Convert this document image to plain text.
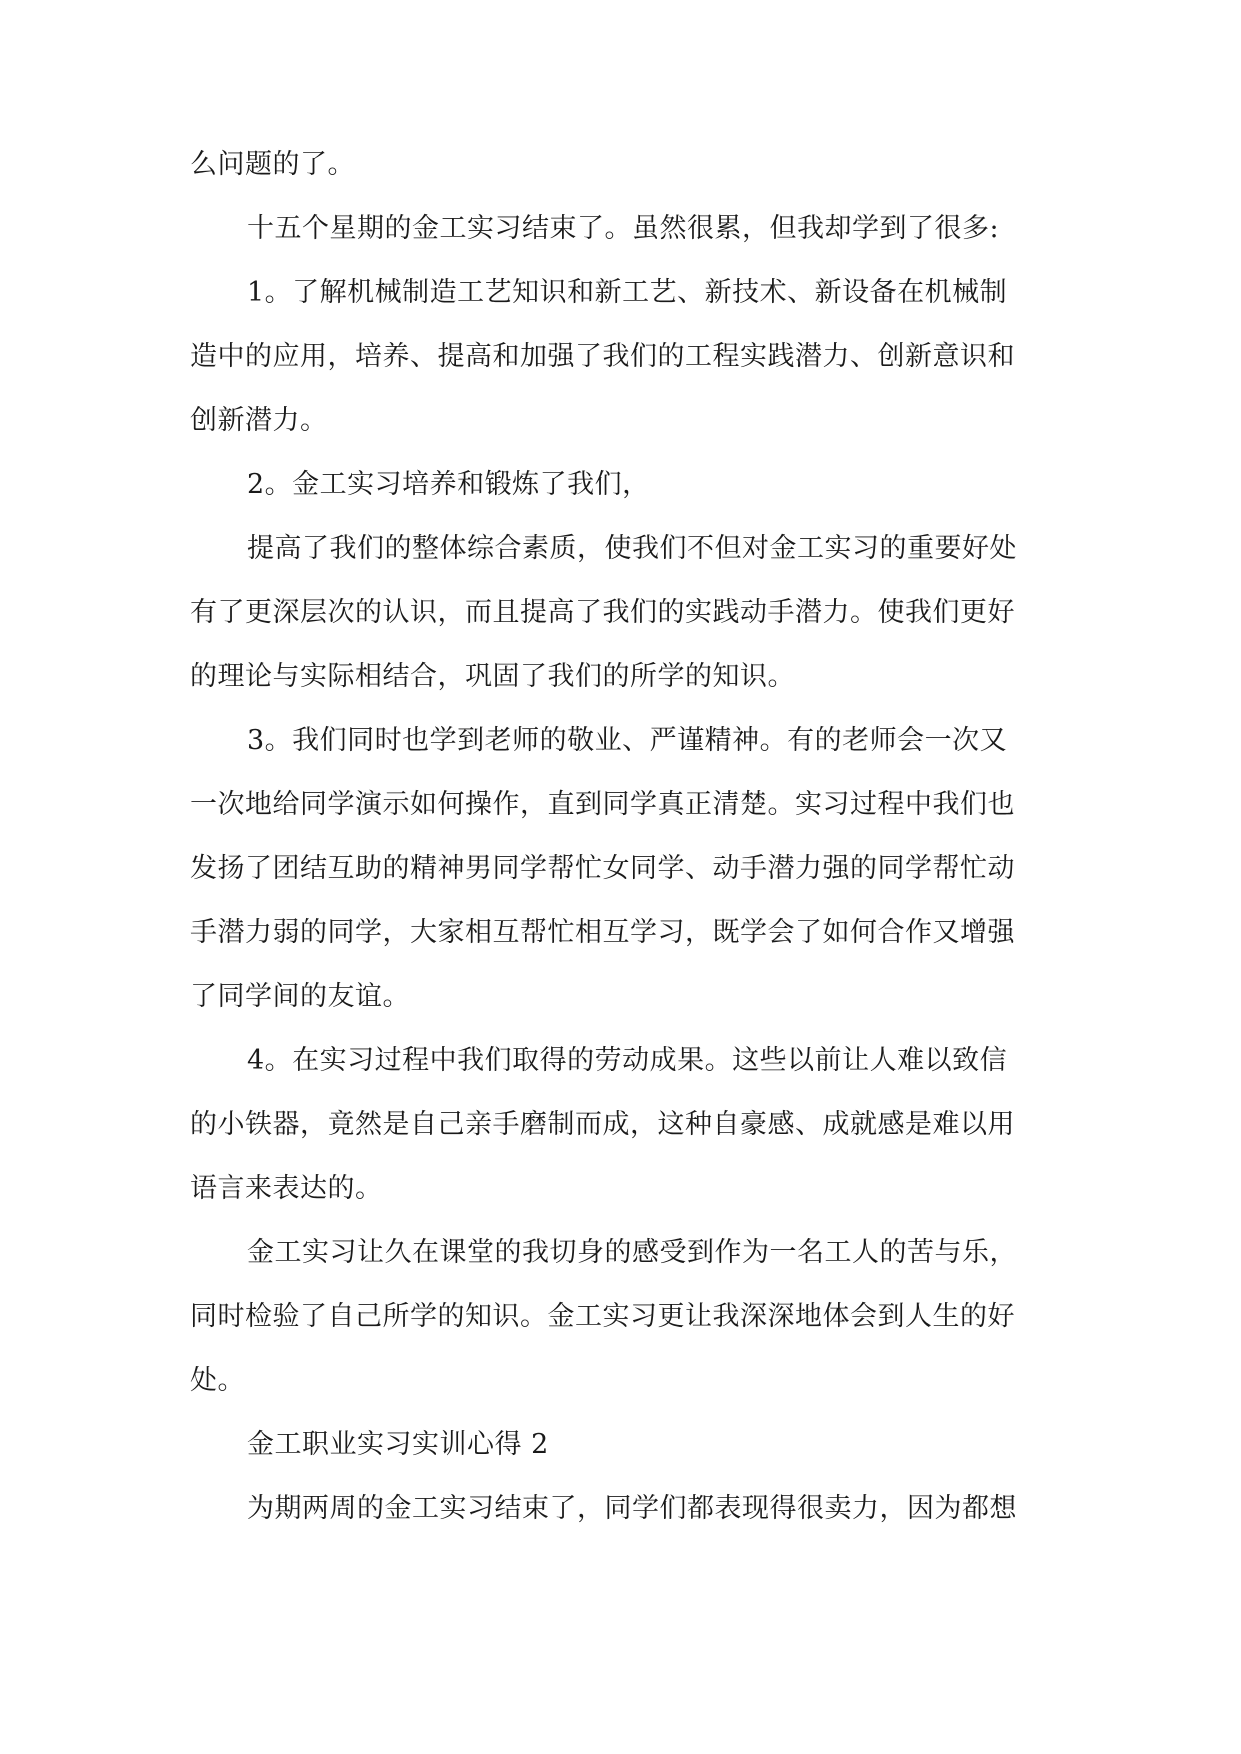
么问题的了。
十五个星期的金工实习结束了。虽然很累，但我却学到了很多:
1。了解机械制造工艺知识和新工艺、新技术、新设备在机械制
造中的应用，培养、提高和加强了我们的工程实践潜力、创新意识和
创新潜力。
2。金工实习培养和锻炼了我们，
提高了我们的整体综合素质，使我们不但对金工实习的重要好处
有了更深层次的认识，而且提高了我们的实践动手潜力。使我们更好
的理论与实际相结合，巩固了我们的所学的知识。
3。我们同时也学到老师的敬业、严谨精神。有的老师会一次又
一次地给同学演示如何操作，直到同学真正清楚。实习过程中我们也
发扬了团结互助的精神男同学帮忙女同学、动手潜力强的同学帮忙动
手潜力弱的同学，大家相互帮忙相互学习，既学会了如何合作又增强
了同学间的友谊。
4。在实习过程中我们取得的劳动成果。这些以前让人难以致信
的小铁器，竟然是自己亲手磨制而成，这种自豪感、成就感是难以用
语言来表达的。
金工实习让久在课堂的我切身的感受到作为一名工人的苦与乐，
同时检验了自己所学的知识。金工实习更让我深深地体会到人生的好
处。
金工职业实习实训心得 2
为期两周的金工实习结束了，同学们都表现得很卖力，因为都想
